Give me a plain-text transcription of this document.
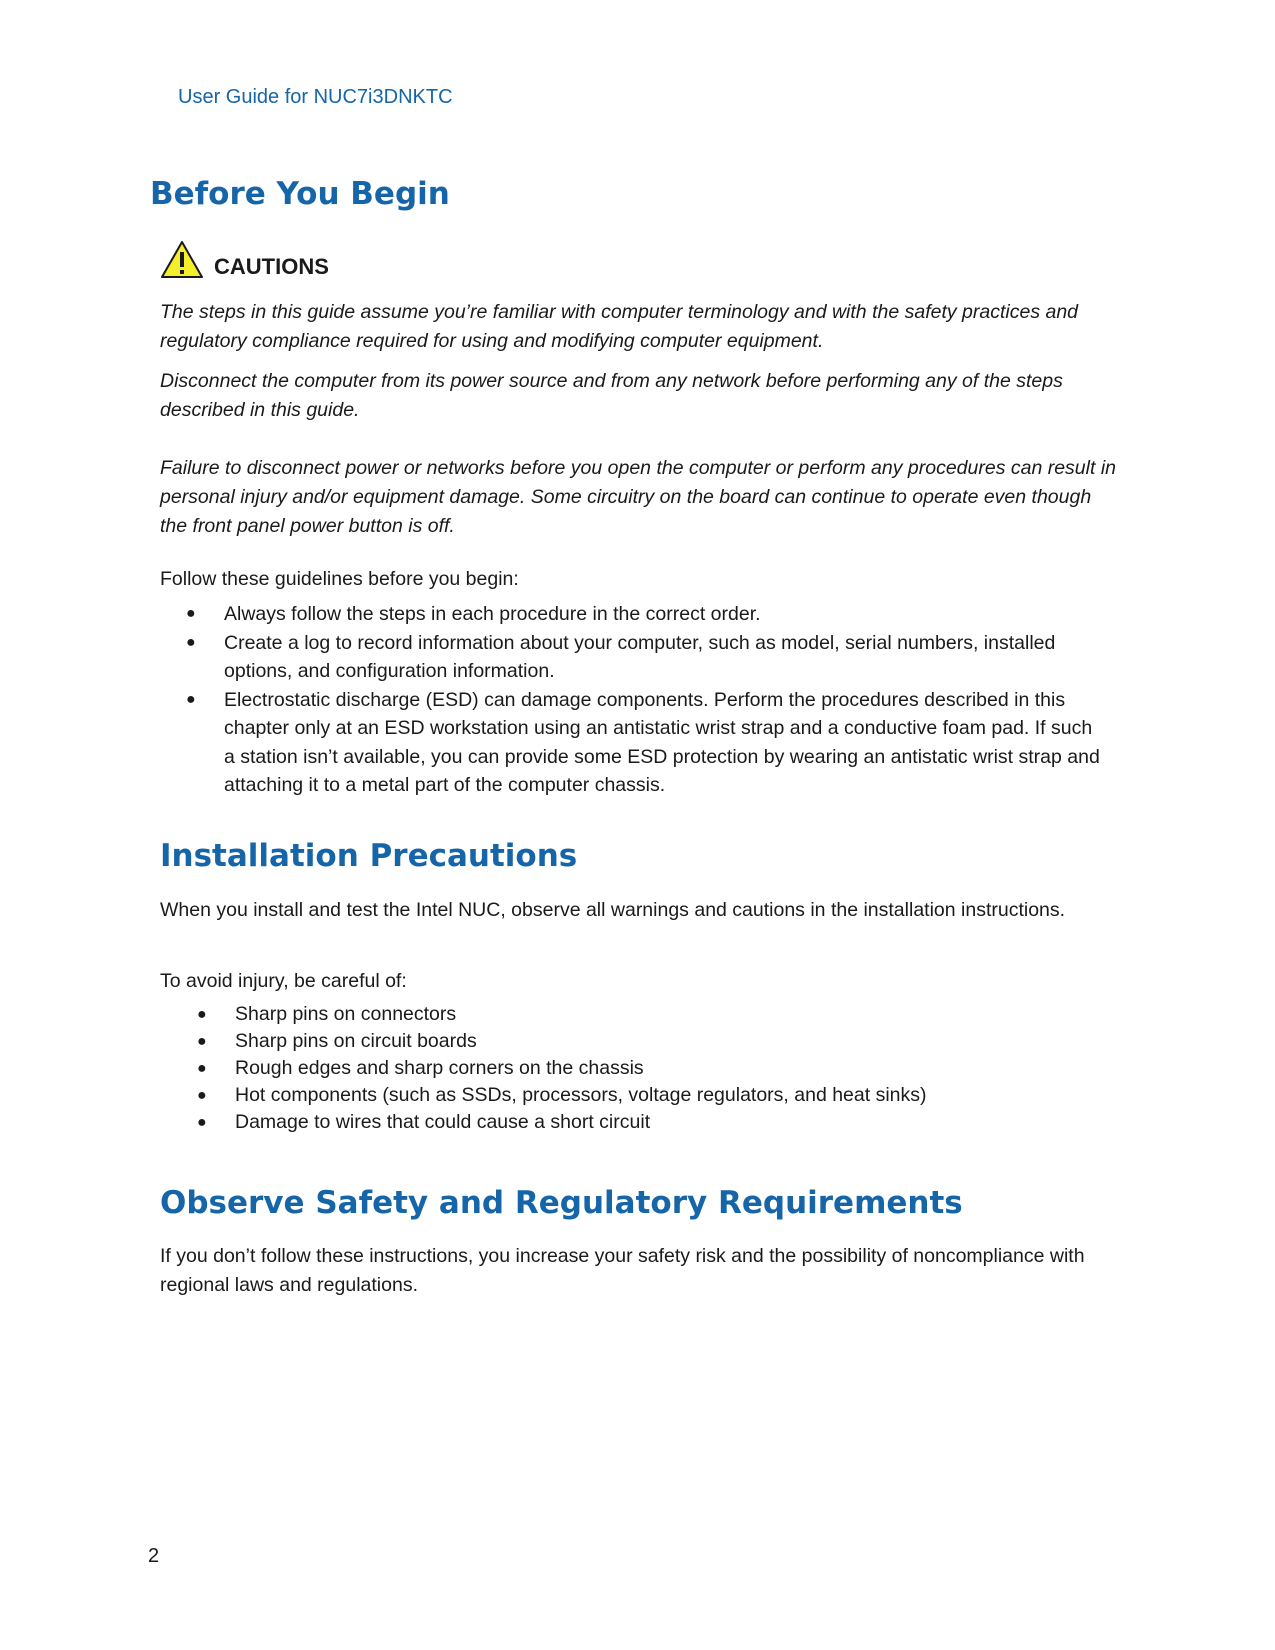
User Guide for NUC7i3DNKTC
Before You Begin
CAUTIONS

The steps in this guide assume you’re familiar with computer terminology and with the safety practices and regulatory compliance required for using and modifying computer equipment.

Disconnect the computer from its power source and from any network before performing any of the steps described in this guide.

Failure to disconnect power or networks before you open the computer or perform any procedures can result in personal injury and/or equipment damage. Some circuitry on the board can continue to operate even though the front panel power button is off.

Follow these guidelines before you begin:

● Always follow the steps in each procedure in the correct order.
● Create a log to record information about your computer, such as model, serial numbers, installed options, and configuration information.
● Electrostatic discharge (ESD) can damage components. Perform the procedures described in this chapter only at an ESD workstation using an antistatic wrist strap and a conductive foam pad. If such a station isn’t available, you can provide some ESD protection by wearing an antistatic wrist strap and attaching it to a metal part of the computer chassis.
Installation Precautions

When you install and test the Intel NUC, observe all warnings and cautions in the installation instructions.

To avoid injury, be careful of:

● Sharp pins on connectors
● Sharp pins on circuit boards
● Rough edges and sharp corners on the chassis
● Hot components (such as SSDs, processors, voltage regulators, and heat sinks)
● Damage to wires that could cause a short circuit
Observe Safety and Regulatory Requirements

If you don’t follow these instructions, you increase your safety risk and the possibility of noncompliance with regional laws and regulations.

2
